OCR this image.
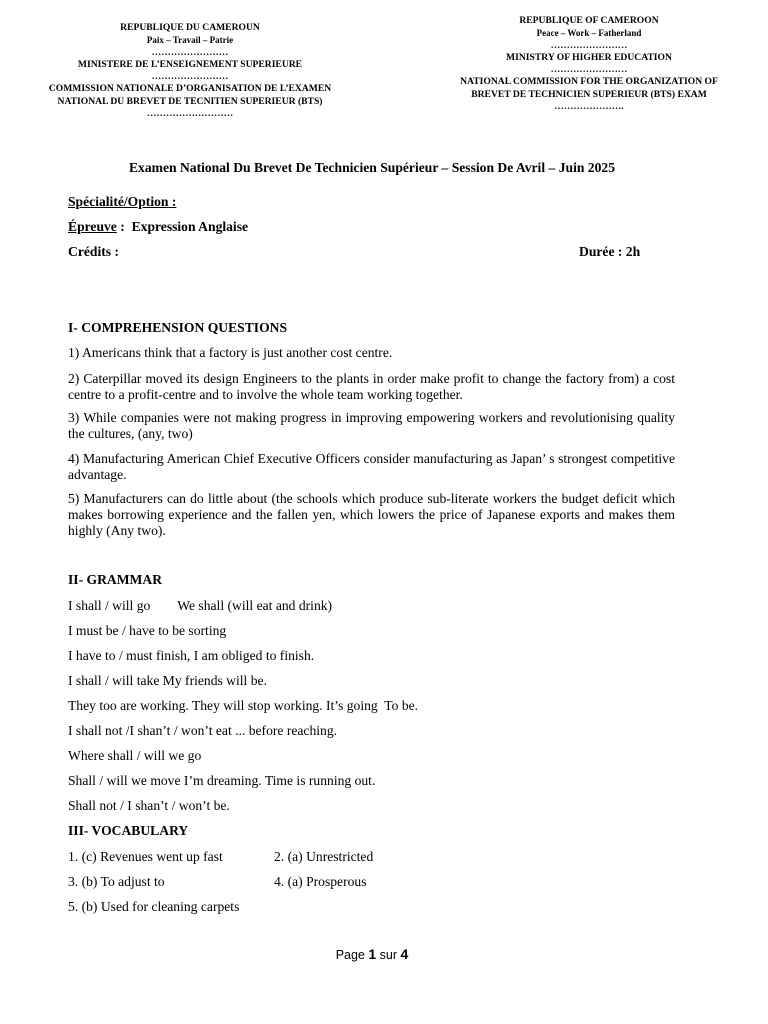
REPUBLIQUE DU CAMEROUN
Paix – Travail – Patrie
……………………
MINISTERE DE L’ENSEIGNEMENT SUPERIEURE
……………………
COMMISSION NATIONALE D’ORGANISATION DE L’EXAMEN
NATIONAL DU BREVET DE TECNITIEN SUPERIEUR (BTS)
………………………
REPUBLIQUE OF CAMEROON
Peace – Work – Fatherland
……………………
MINISTRY OF HIGHER EDUCATION
……………………
NATIONAL COMMISSION FOR THE ORGANIZATION OF
BREVET DE TECHNICIEN SUPERIEUR (BTS) EXAM
………………….
Examen National Du Brevet De Technicien Supérieur – Session De Avril – Juin 2025
Spécialité/Option :
Épreuve :  Expression Anglaise
Crédits :	Durée : 2h
I- COMPREHENSION QUESTIONS
1) Americans think that a factory is just another cost centre.
2) Caterpillar moved its design Engineers to the plants in order make profit to change the factory from) a cost centre to a profit-centre and to involve the whole team working together.
3) While companies were not making progress in improving empowering workers and revolutionising quality the cultures, (any, two)
4) Manufacturing American Chief Executive Officers consider manufacturing as Japan’ s strongest competitive advantage.
5) Manufacturers can do little about (the schools which produce sub-literate workers the budget deficit which makes borrowing experience and the fallen yen, which lowers the price of Japanese exports and makes them highly (Any two).
II- GRAMMAR
I shall / will go        We shall (will eat and drink)
I must be / have to be sorting
I have to / must finish, I am obliged to finish.
I shall / will take My friends will be.
They too are working. They will stop working. It’s going  To be.
I shall not /I shan’t / won’t eat ... before reaching.
Where shall / will we go
Shall / will we move I’m dreaming. Time is running out.
Shall not / I shan’t / won’t be.
III- VOCABULARY
1. (c) Revenues went up fast	2. (a) Unrestricted
3. (b) To adjust to	4. (a) Prosperous
5. (b) Used for cleaning carpets
Page 1 sur 4
